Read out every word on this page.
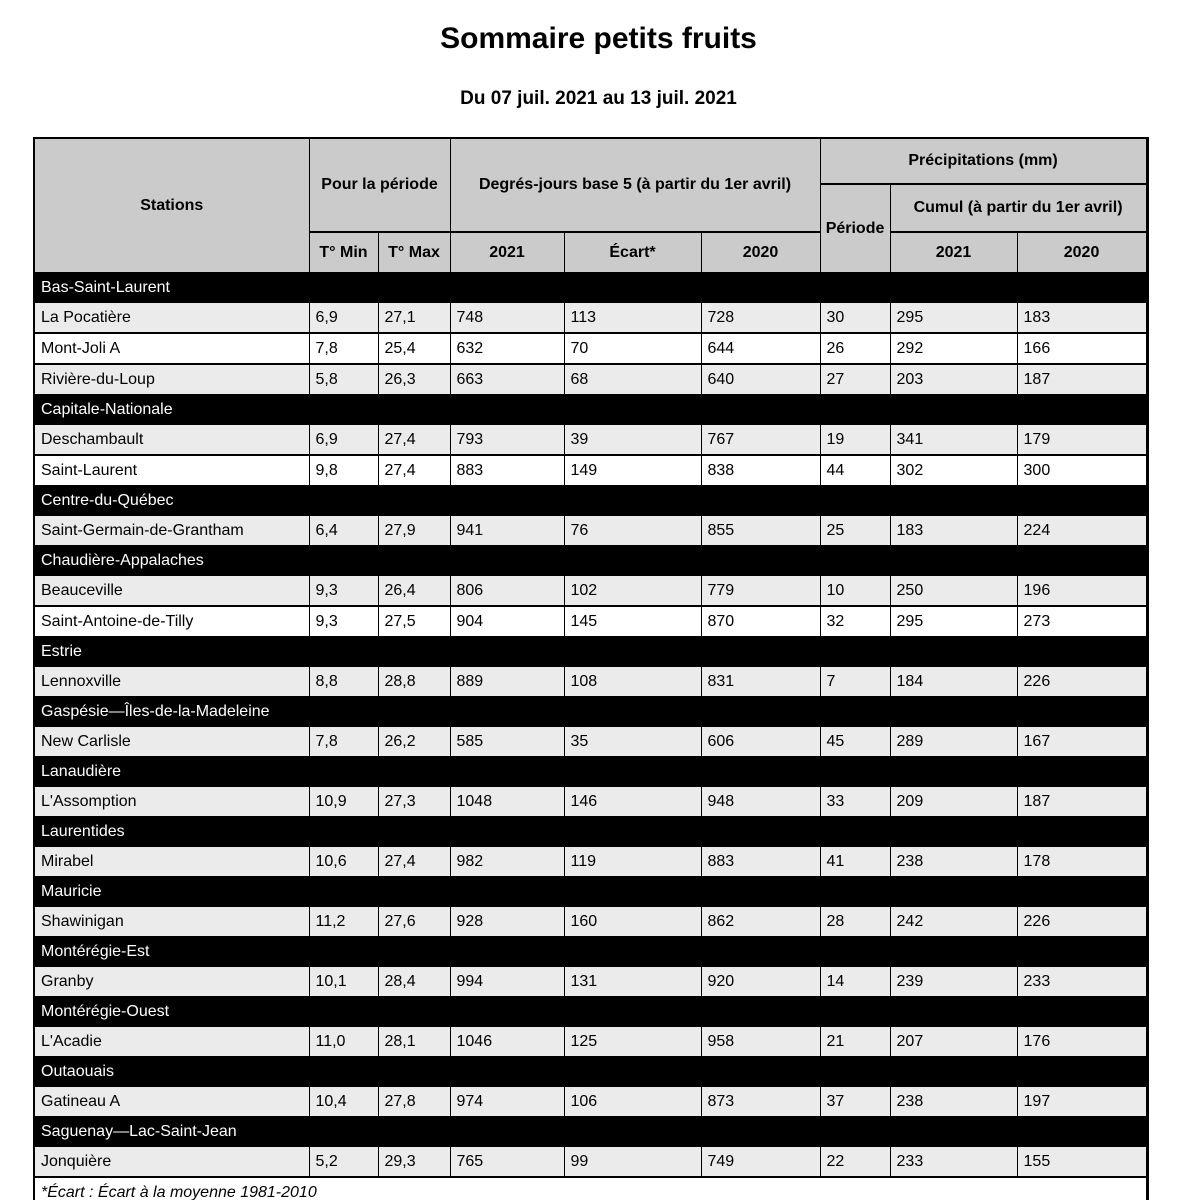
Sommaire petits fruits
Du 07 juil. 2021 au 13 juil. 2021
Stations	Pour la période		Degrés-jours base 5 (à partir du 1er avril)			Précipitations (mm)		
						Période	Cumul (à partir du 1er avril)	
	T° Min	T° Max	2021	Écart*	2020		2021	2020
Bas-Saint-Laurent								
La Pocatière	6,9	27,1	748	113	728	30	295	183
Mont-Joli A	7,8	25,4	632	70	644	26	292	166
Rivière-du-Loup	5,8	26,3	663	68	640	27	203	187
Capitale-Nationale								
Deschambault	6,9	27,4	793	39	767	19	341	179
Saint-Laurent	9,8	27,4	883	149	838	44	302	300
Centre-du-Québec								
Saint-Germain-de-Grantham	6,4	27,9	941	76	855	25	183	224
Chaudière-Appalaches								
Beauceville	9,3	26,4	806	102	779	10	250	196
Saint-Antoine-de-Tilly	9,3	27,5	904	145	870	32	295	273
Estrie								
Lennoxville	8,8	28,8	889	108	831	7	184	226
Gaspésie—Îles-de-la-Madeleine								
New Carlisle	7,8	26,2	585	35	606	45	289	167
Lanaudière								
L'Assomption	10,9	27,3	1048	146	948	33	209	187
Laurentides								
Mirabel	10,6	27,4	982	119	883	41	238	178
Mauricie								
Shawinigan	11,2	27,6	928	160	862	28	242	226
Montérégie-Est								
Granby	10,1	28,4	994	131	920	14	239	233
Montérégie-Ouest								
L'Acadie	11,0	28,1	1046	125	958	21	207	176
Outaouais								
Gatineau A	10,4	27,8	974	106	873	37	238	197
Saguenay—Lac-Saint-Jean								
Jonquière	5,2	29,3	765	99	749	22	233	155
*Écart : Écart à la moyenne 1981-2010								
